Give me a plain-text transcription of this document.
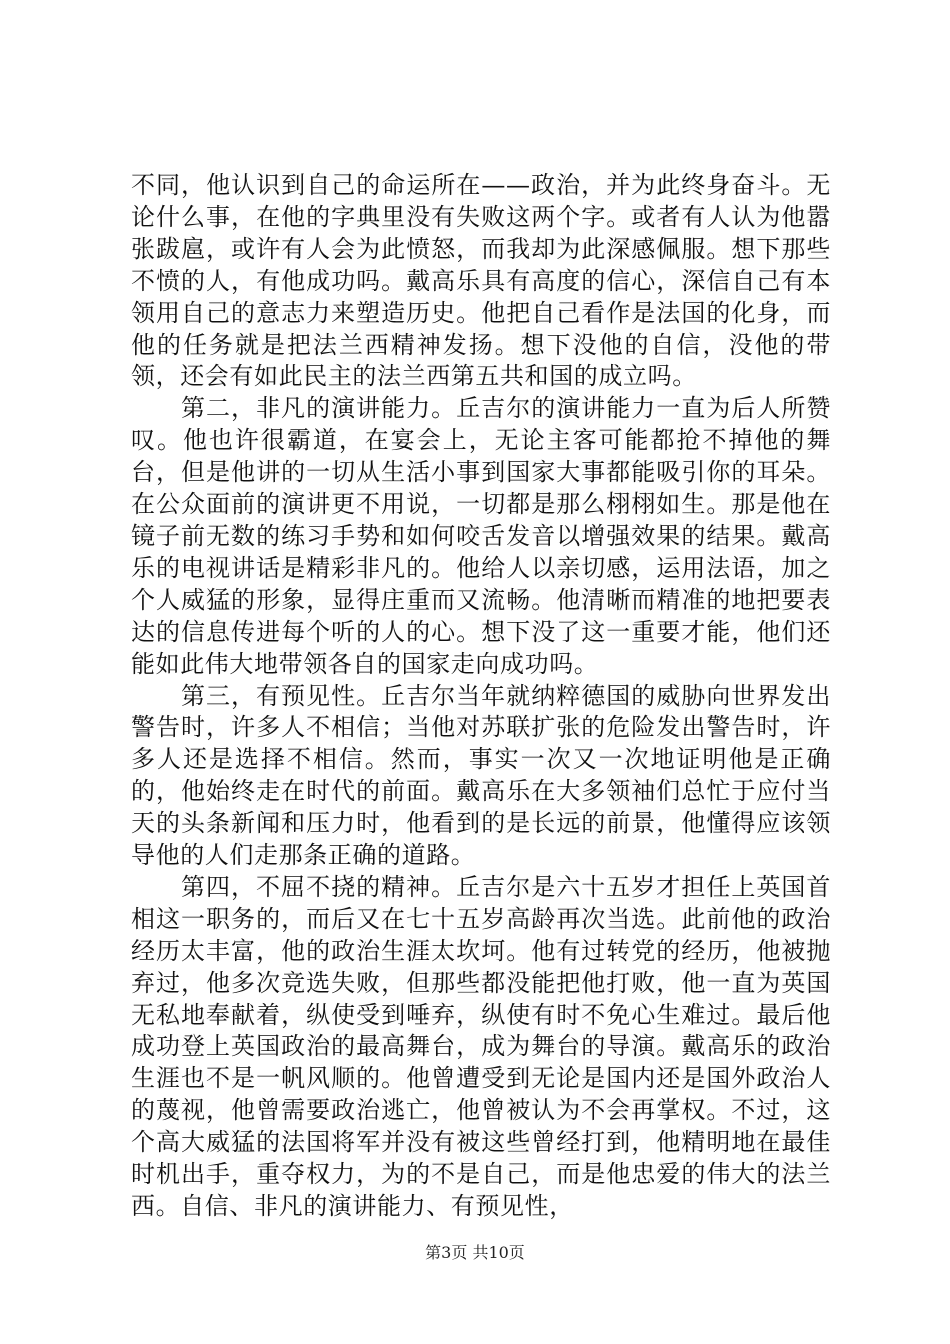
不同，他认识到自己的命运所在——政治，并为此终身奋斗。无论什么事，在他的字典里没有失败这两个字。或者有人认为他嚣张跋扈，或许有人会为此愤怒，而我却为此深感佩服。想下那些不愤的人，有他成功吗。戴高乐具有高度的信心，深信自己有本领用自己的意志力来塑造历史。他把自己看作是法国的化身，而他的任务就是把法兰西精神发扬。想下没他的自信，没他的带领，还会有如此民主的法兰西第五共和国的成立吗。

第二，非凡的演讲能力。丘吉尔的演讲能力一直为后人所赞叹。他也许很霸道，在宴会上，无论主客可能都抢不掉他的舞台，但是他讲的一切从生活小事到国家大事都能吸引你的耳朵。在公众面前的演讲更不用说，一切都是那么栩栩如生。那是他在镜子前无数的练习手势和如何咬舌发音以增强效果的结果。戴高乐的电视讲话是精彩非凡的。他给人以亲切感，运用法语，加之个人威猛的形象，显得庄重而又流畅。他清晰而精准的地把要表达的信息传进每个听的人的心。想下没了这一重要才能，他们还能如此伟大地带领各自的国家走向成功吗。

第三，有预见性。丘吉尔当年就纳粹德国的威胁向世界发出警告时，许多人不相信；当他对苏联扩张的危险发出警告时，许多人还是选择不相信。然而，事实一次又一次地证明他是正确的，他始终走在时代的前面。戴高乐在大多领袖们总忙于应付当天的头条新闻和压力时，他看到的是长远的前景，他懂得应该领导他的人们走那条正确的道路。

第四，不屈不挠的精神。丘吉尔是六十五岁才担任上英国首相这一职务的，而后又在七十五岁高龄再次当选。此前他的政治经历太丰富，他的政治生涯太坎坷。他有过转党的经历，他被抛弃过，他多次竞选失败，但那些都没能把他打败，他一直为英国无私地奉献着，纵使受到唾弃，纵使有时不免心生难过。最后他成功登上英国政治的最高舞台，成为舞台的导演。戴高乐的政治生涯也不是一帆风顺的。他曾遭受到无论是国内还是国外政治人的蔑视，他曾需要政治逃亡，他曾被认为不会再掌权。不过，这个高大威猛的法国将军并没有被这些曾经打到，他精明地在最佳时机出手，重夺权力，为的不是自己，而是他忠爱的伟大的法兰西。自信、非凡的演讲能力、有预见性，

第3页 共10页
